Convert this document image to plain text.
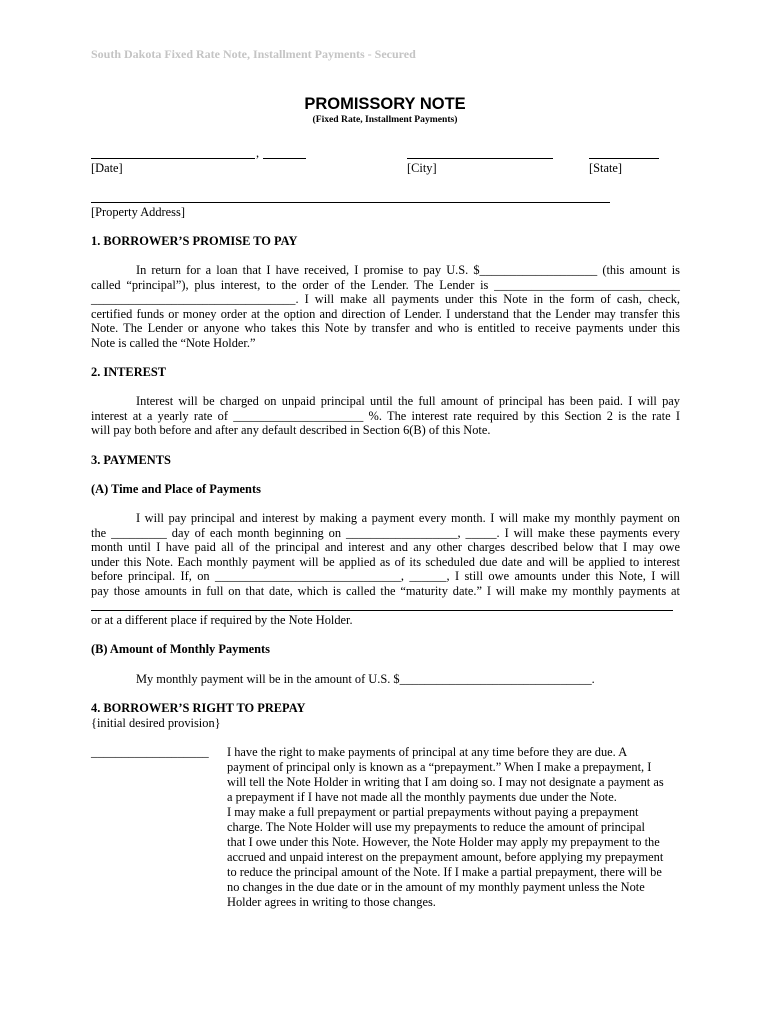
South Dakota Fixed Rate Note, Installment Payments - Secured
PROMISSORY NOTE
(Fixed Rate, Installment Payments)
,
[Date]	[City]	[State]
[Property Address]
1. BORROWER’S PROMISE TO PAY
In return for a loan that I have received, I promise to pay U.S. $___________________ (this amount is
called “principal”), plus interest, to the order of the Lender. The Lender is ______________________________
_________________________________. I will make all payments under this Note in the form of cash, check,
certified funds or money order at the option and direction of Lender. I understand that the Lender may transfer this
Note. The Lender or anyone who takes this Note by transfer and who is entitled to receive payments under this
Note is called the “Note Holder.”
2. INTEREST
Interest will be charged on unpaid principal until the full amount of principal has been paid. I will pay
interest at a yearly rate of _____________________ %. The interest rate required by this Section 2 is the rate I
will pay both before and after any default described in Section 6(B) of this Note.
3. PAYMENTS
(A) Time and Place of Payments
I will pay principal and interest by making a payment every month. I will make my monthly payment on
the _________ day of each month beginning on __________________, _____. I will make these payments every
month until I have paid all of the principal and interest and any other charges described below that I may owe
under this Note. Each monthly payment will be applied as of its scheduled due date and will be applied to interest
before principal. If, on ______________________________, ______, I still owe amounts under this Note, I will
pay those amounts in full on that date, which is called the “maturity date.” I will make my monthly payments at
or at a different place if required by the Note Holder.
(B) Amount of Monthly Payments
My monthly payment will be in the amount of U.S. $_______________________________.
4. BORROWER’S RIGHT TO PREPAY
{initial desired provision}
___________________ I have the right to make payments of principal at any time before they are due. A
payment of principal only is known as a “prepayment.” When I make a prepayment, I
will tell the Note Holder in writing that I am doing so. I may not designate a payment as
a prepayment if I have not made all the monthly payments due under the Note.
I may make a full prepayment or partial prepayments without paying a prepayment
charge. The Note Holder will use my prepayments to reduce the amount of principal
that I owe under this Note. However, the Note Holder may apply my prepayment to the
accrued and unpaid interest on the prepayment amount, before applying my prepayment
to reduce the principal amount of the Note. If I make a partial prepayment, there will be
no changes in the due date or in the amount of my monthly payment unless the Note
Holder agrees in writing to those changes.
